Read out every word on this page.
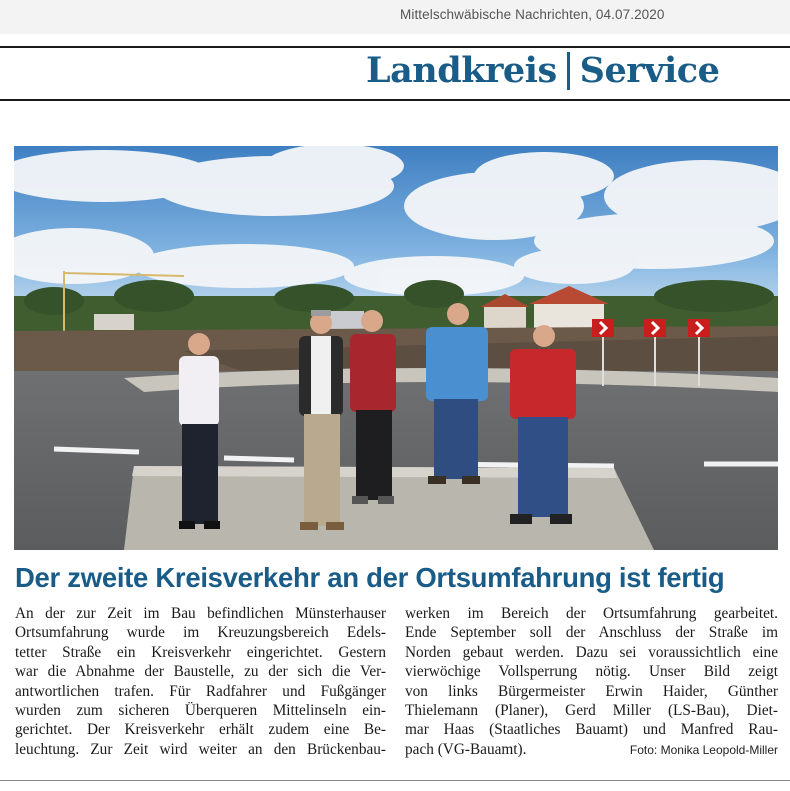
Mittelschwäbische Nachrichten, 04.07.2020
Landkreis Service
Der zweite Kreisverkehr an der Ortsumfahrung ist fertig
An der zur Zeit im Bau befindlichen Münsterhauser
Ortsumfahrung wurde im Kreuzungsbereich Edels-
tetter Straße ein Kreisverkehr eingerichtet. Gestern
war die Abnahme der Baustelle, zu der sich die Ver-
antwortlichen trafen. Für Radfahrer und Fußgänger
wurden zum sicheren Überqueren Mittelinseln ein-
gerichtet. Der Kreisverkehr erhält zudem eine Be-
leuchtung. Zur Zeit wird weiter an den Brückenbau-
werken im Bereich der Ortsumfahrung gearbeitet.
Ende September soll der Anschluss der Straße im
Norden gebaut werden. Dazu sei voraussichtlich eine
vierwöchige Vollsperrung nötig. Unser Bild zeigt
von links Bürgermeister Erwin Haider, Günther
Thielemann (Planer), Gerd Miller (LS-Bau), Diet-
mar Haas (Staatliches Bauamt) und Manfred Rau-
pach (VG-Bauamt).	Foto: Monika Leopold-Miller
